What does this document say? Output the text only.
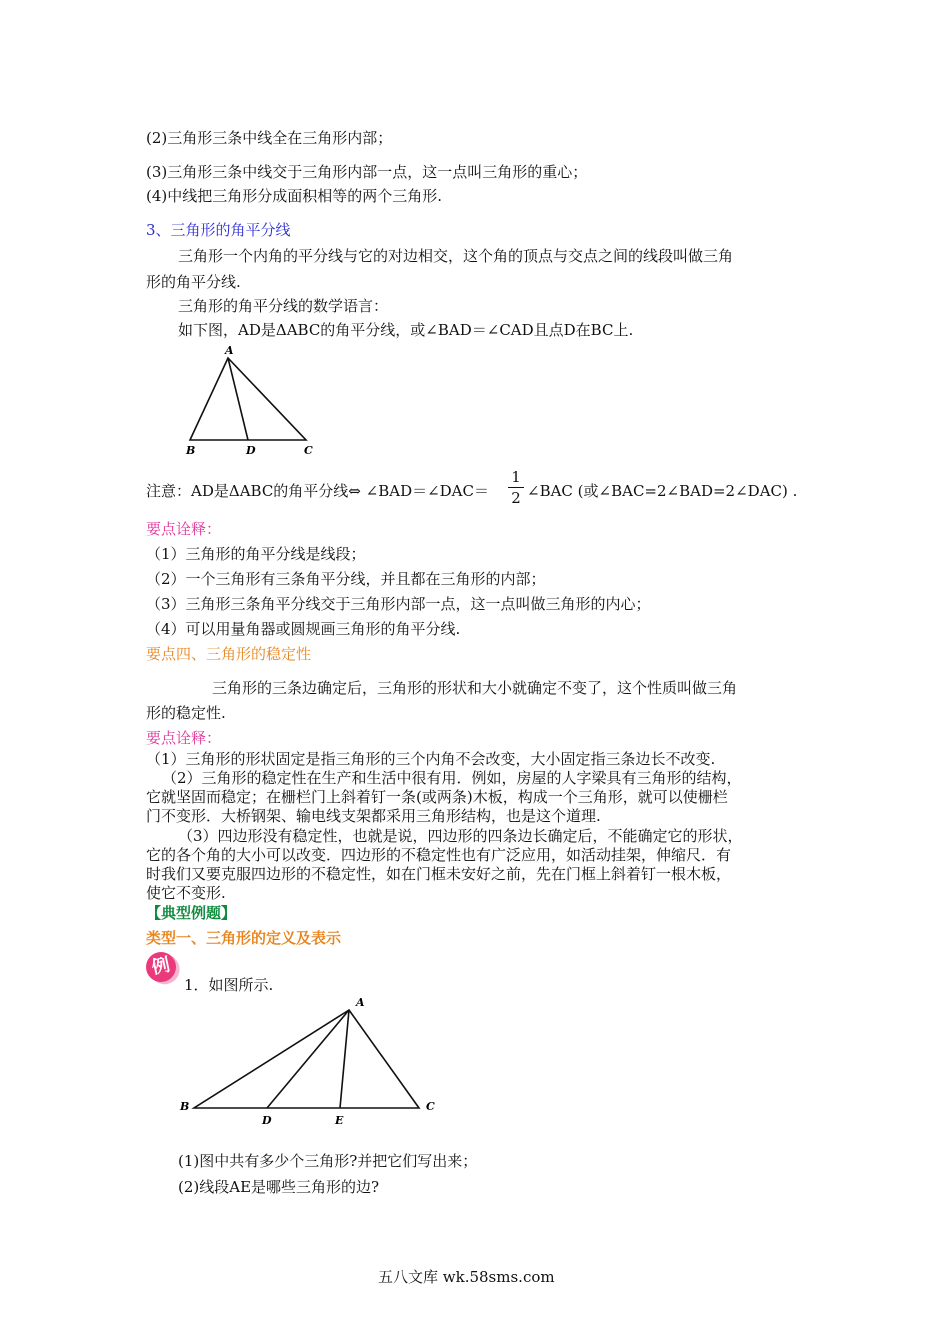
(2)三角形三条中线全在三角形内部；
(3)三角形三条中线交于三角形内部一点，这一点叫三角形的重心；
(4)中线把三角形分成面积相等的两个三角形.
3、三角形的角平分线
三角形一个内角的平分线与它的对边相交，这个角的顶点与交点之间的线段叫做三角
形的角平分线.
三角形的角平分线的数学语言：
如下图，AD是ΔABC的角平分线，或∠BAD＝∠CAD且点D在BC上.
A
B	D	C
注意：AD是ΔABC的角平分线⇔ ∠BAD＝∠DAC＝ $\frac{1}{2}$ ∠BAC (或∠BAC=2∠BAD=2∠DAC) .
要点诠释：
（1）三角形的角平分线是线段；
（2）一个三角形有三条角平分线，并且都在三角形的内部；
（3）三角形三条角平分线交于三角形内部一点，这一点叫做三角形的内心；
（4）可以用量角器或圆规画三角形的角平分线.
要点四、三角形的稳定性
三角形的三条边确定后，三角形的形状和大小就确定不变了，这个性质叫做三角
形的稳定性.
要点诠释：
（1）三角形的形状固定是指三角形的三个内角不会改变，大小固定指三条边长不改变.
（2）三角形的稳定性在生产和生活中很有用．例如，房屋的人字梁具有三角形的结构，
它就坚固而稳定；在栅栏门上斜着钉一条(或两条)木板，构成一个三角形，就可以使栅栏
门不变形．大桥钢架、输电线支架都采用三角形结构，也是这个道理.
（3）四边形没有稳定性，也就是说，四边形的四条边长确定后，不能确定它的形状，
它的各个角的大小可以改变．四边形的不稳定性也有广泛应用，如活动挂架，伸缩尺．有
时我们又要克服四边形的不稳定性，如在门框未安好之前，先在门框上斜着钉一根木板，
使它不变形.
【典型例题】
类型一、三角形的定义及表示
例
1．如图所示.
A
B
D	E
C
(1)图中共有多少个三角形?并把它们写出来；
(2)线段AE是哪些三角形的边?
五八文库 wk.58sms.com
